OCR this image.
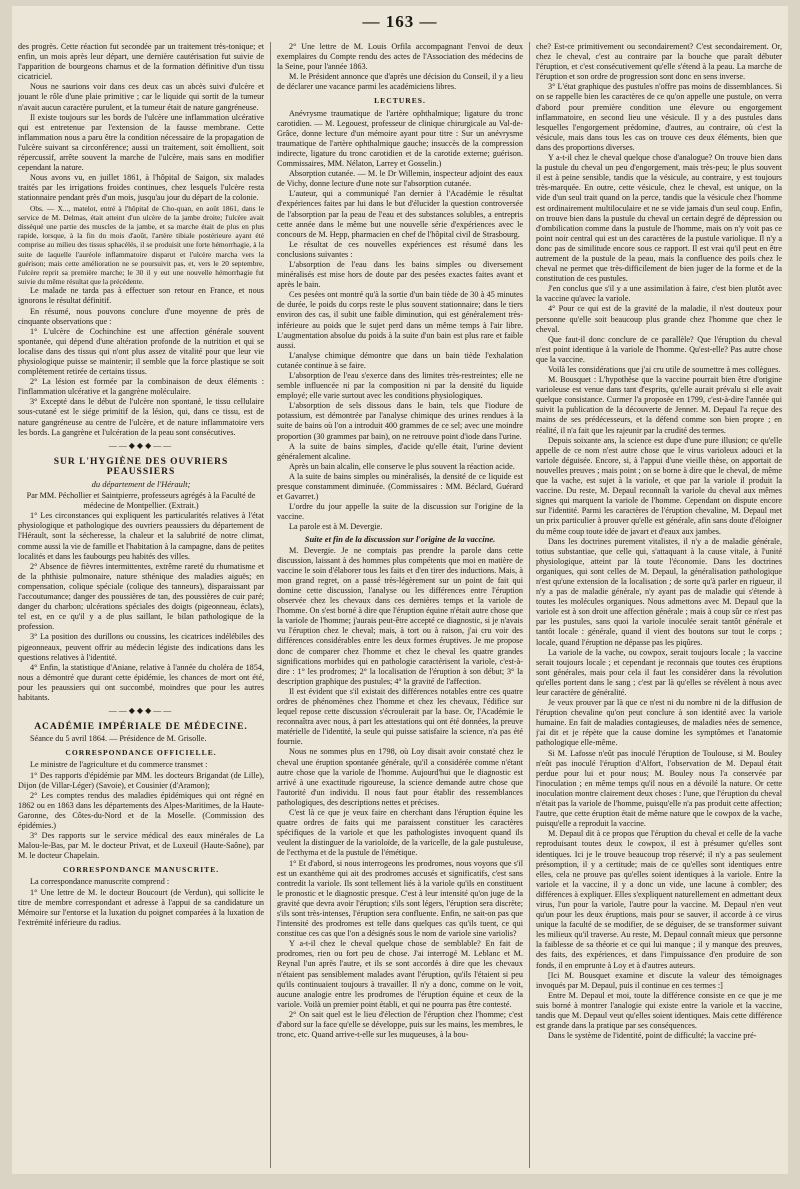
— 163 —

des progrès. Cette réaction fut secondée par un traitement très-tonique; et enfin, un mois après leur départ, une dernière cautérisation fut suivie de l'apparition de bourgeons charnus et de la formation définitive d'un tissu cicatriciel.

Nous ne saurions voir dans ces deux cas un abcès suivi d'ulcère et jouant le rôle d'une plaie primitive ; car le liquide qui sortit de la tumeur n'avait aucun caractère purulent, et la tumeur était de nature gangréneuse.

Il existe toujours sur les bords de l'ulcère une inflammation ulcérative qui est entretenue par l'extension de la fausse membrane. Cette inflammation nous a paru être la condition nécessaire de la propagation de l'ulcère suivant sa circonférence; aussi un traitement, soit émollient, soit répercussif, arrête souvent la marche de l'ulcère, mais sans en modifier cependant la nature.

Nous avons vu, en juillet 1861, à l'hôpital de Saigon, six malades traités par les irrigations froides continues, chez lesquels l'ulcère resta stationnaire pendant près d'un mois, jusqu'au jour du départ de la colonie.

Obs. — X..., matelot, entré à l'hôpital de Cho-quan, en août 1861, dans le service de M. Delmas, était atteint d'un ulcère de la jambe droite; l'ulcère avait disséqué une partie des muscles de la jambe, et sa marche était de plus en plus rapide, lorsque, à la fin du mois d'août, l'artère tibiale postérieure ayant été comprise au milieu des tissus sphacélés, il se produisit une forte hémorrhagie, à la suite de laquelle l'auréole inflammatoire disparut et l'ulcère marcha vers la guérison; mais cette amélioration ne se poursuivit pas, et, vers le 20 septembre, l'ulcère reprit sa première marche; le 30 il y eut une nouvelle hémorrhagie fut suivie du même résultat que la précédente.

Le malade ne tarda pas à effectuer son retour en France, et nous ignorons le résultat définitif.

En résumé, nous pouvons conclure d'une moyenne de près de cinquante observations que :

1° L'ulcère de Cochinchine est une affection générale souvent spontanée, qui dépend d'une altération profonde de la nutrition et qui se localise dans des tissus qui n'ont plus assez de vitalité pour que leur vie physiologique puisse se maintenir; il semble que la force plastique se soit complétement retirée de certains tissus.

2° La lésion est formée par la combinaison de deux éléments : l'inflammation ulcérative et la gangrène moléculaire.

3° Excepté dans le début de l'ulcère non spontané, le tissu cellulaire sous-cutané est le siége primitif de la lésion, qui, dans ce tissu, est de nature gangréneuse au centre de l'ulcère, et de nature inflammatoire vers les bords. La gangrène et l'ulcération de la peau sont consécutives.

——◆◆◆——
SUR L'HYGIÈNE DES OUVRIERS PEAUSSIERS
du département de l'Hérault;

Par MM. Péchollier et Saintpierre, professeurs agrégés à la Faculté de médecine de Montpellier. (Extrait.)

1° Les circonstances qui expliquent les particularités relatives à l'état physiologique et pathologique des ouvriers peaussiers du département de l'Hérault, sont la sécheresse, la chaleur et la salubrité de notre climat, comme aussi la vie de famille et l'habitation à la campagne, dans de petites localités et dans les faubourgs peu habités des villes.

2° Absence de fièvres intermittentes, extrême rareté du rhumatisme et de la phthisie pulmonaire, nature sthénique des maladies aiguës; en compensation, colique spéciale (colique des tanneurs), disparaissant par l'accoutumance; danger des poussières de tan, des poussières de cuir paré; danger du charbon; ulcérations spéciales des doigts (pigeonneau, éclats), tel est, en ce qu'il y a de plus saillant, le bilan pathologique de la profession.

3° La position des durillons ou coussins, les cicatrices indélébiles des pigeonneaux, peuvent offrir au médecin légiste des indications dans les questions relatives à l'identité.

4° Enfin, la statistique d'Aniane, relative à l'année du choléra de 1854, nous a démontré que durant cette épidémie, les chances de mort ont été, pour les peaussiers qui ont succombé, moindres que pour les autres habitants.

——◆◆◆——
ACADÉMIE IMPÉRIALE DE MÉDECINE.

Séance du 5 avril 1864. — Présidence de M. Grisolle.

CORRESPONDANCE OFFICIELLE.

Le ministre de l'agriculture et du commerce transmet :

1° Des rapports d'épidémie par MM. les docteurs Brigandat (de Lille), Dijon (de Villar-Léger) (Savoie), et Cousinier (d'Aramon);

2° Les comptes rendus des maladies épidémiques qui ont régné en 1862 ou en 1863 dans les départements des Alpes-Maritimes, de la Haute-Garonne, des Côtes-du-Nord et de la Moselle. (Commission des épidémies.)

3° Des rapports sur le service médical des eaux minérales de La Malou-le-Bas, par M. le docteur Privat, et de Luxeuil (Haute-Saône), par M. le docteur Chapelain.

CORRESPONDANCE MANUSCRITE.

La correspondance manuscrite comprend :

1° Une lettre de M. le docteur Boucourt (de Verdun), qui sollicite le titre de membre correspondant et adresse à l'appui de sa candidature un Mémoire sur l'entorse et la luxation du poignet comparées à la luxation de l'extrémité inférieure du radius.

2° Une lettre de M. Louis Orfila accompagnant l'envoi de deux exemplaires du Compte rendu des actes de l'Association des médecins de la Seine, pour l'année 1863.

M. le Président annonce que d'après une décision du Conseil, il y a lieu de déclarer une vacance parmi les académiciens libres.

LECTURES.

Anévrysme traumatique de l'artère ophthalmique; ligature du tronc carotidien. — M. Legouest, professeur de clinique chirurgicale au Val-de-Grâce, donne lecture d'un mémoire ayant pour titre : Sur un anévrysme traumatique de l'artère ophthalmique gauche; insuccès de la compression indirecte, ligature du tronc carotidien et de la carotide externe; guérison. Commissaires, MM. Nélaton, Larrey et Gosselin.)

Absorption cutanée. — M. le Dr Willemin, inspecteur adjoint des eaux de Vichy, donne lecture d'une note sur l'absorption cutanée.

L'auteur, qui a communiqué l'an dernier à l'Académie le résultat d'expériences faites par lui dans le but d'élucider la question controversée de l'absorption par la peau de l'eau et des substances solubles, a entrepris cette année dans le même but une nouvelle série d'expériences avec le concours de M. Hepp, pharmacien en chef de l'hôpital civil de Strasbourg.

Le résultat de ces nouvelles expériences est résumé dans les conclusions suivantes :

L'absorption de l'eau dans les bains simples ou diversement minéralisés est mise hors de doute par des pesées exactes faites avant et après le bain.

Ces pesées ont montré qu'à la sortie d'un bain tiède de 30 à 45 minutes de durée, le poids du corps reste le plus souvent stationnaire; dans le tiers environ des cas, il subit une faible diminution, qui est généralement très-inférieure au poids que le sujet perd dans un même temps à l'air libre. L'augmentation absolue du poids à la suite d'un bain est plus rare et faible aussi.

L'analyse chimique démontre que dans un bain tiède l'exhalation cutanée continue à se faire.

L'absorption de l'eau s'exerce dans des limites très-restreintes; elle ne semble influencée ni par la composition ni par la densité du liquide employé; elle varie surtout avec les conditions physiologiques.

L'absorption de sels dissous dans le bain, tels que l'iodure de potassium, est démontrée par l'analyse chimique des urines rendues à la suite de bains où l'on a introduit 400 grammes de ce sel; avec une moindre proportion (30 grammes par bain), on ne retrouve point d'iode dans l'urine.

A la suite de bains simples, d'acide qu'elle était, l'urine devient généralement alcaline.

Après un bain alcalin, elle conserve le plus souvent la réaction acide.

A la suite de bains simples ou minéralisés, la densité de ce liquide est presque constamment diminuée. (Commissaires : MM. Béclard, Guérard et Gavarret.)

L'ordre du jour appelle la suite de la discussion sur l'origine de la vaccine.

La parole est à M. Devergie.

Suite et fin de la discussion sur l'origine de la vaccine.

M. Devergie. Je ne comptais pas prendre la parole dans cette discussion, laissant à des hommes plus compétents que moi en matière de vaccine le soin d'élaborer tous les faits et d'en tirer des inductions. Mais, à mon grand regret, on a passé très-légèrement sur un point de fait qui domine cette discussion, l'analyse ou les différences entre l'éruption observée chez les chevaux dans ces dernières temps et la variole de l'homme. On s'est borné à dire que l'éruption équine n'était autre chose que la variole de l'homme; j'aurais peut-être accepté ce diagnostic, si je n'avais vu l'éruption chez le cheval; mais, à tort ou à raison, j'ai cru voir des différences considérables entre les deux formes éruptives. Je me propose donc de comparer chez l'homme et chez le cheval les quatre grandes significations morbides qui en pathologie caractérisent la variole, c'est-à-dire : 1° les prodromes; 2° la localisation de l'éruption à son début; 3° la description graphique des pustules; 4° la gravité de l'affection.

Il est évident que s'il existait des différences notables entre ces quatre ordres de phénomènes chez l'homme et chez les chevaux, l'édifice sur lequel repose cette discussion s'écroulerait par la base. Or, l'Académie le reconnaîtra avec nous, à part les attestations qui ont été données, la preuve matérielle de l'identité, la seule qui puisse satisfaire la science, n'a pas été fournie.

Nous ne sommes plus en 1798, où Loy disait avoir constaté chez le cheval une éruption spontanée générale, qu'il a considérée comme n'étant autre chose que la variole de l'homme. Aujourd'hui que le diagnostic est arrivé à une exactitude rigoureuse, la science demande autre chose que l'autorité d'un individu. Il nous faut pour établir des ressemblances pathologiques, des descriptions nettes et précises.

C'est là ce que je veux faire en cherchant dans l'éruption équine les quatre ordres de faits qui me paraissent constituer les caractères spécifiques de la variole et que les pathologistes invoquent quand ils veulent la distinguer de la varioloïde, de la varicelle, de la gale pustuleuse, de l'ecthyma et de la pustule de l'émétique.

1° Et d'abord, si nous interrogeons les prodromes, nous voyons que s'il est un exanthème qui ait des prodromes accusés et significatifs, c'est sans contredit la variole. Ils sont tellement liés à la variole qu'ils en constituent le pronostic et le diagnostic presque. C'est à leur intensité qu'on juge de la gravité que devra avoir l'éruption; s'ils sont légers, l'éruption sera discrète; s'ils sont très-intenses, l'éruption sera confluente. Enfin, ne sait-on pas que l'intensité des prodromes est telle dans quelques cas qu'ils tuent, ce qui constitue ces cas que l'on a désignés sous le nom de variole sine variolis?

Y a-t-il chez le cheval quelque chose de semblable? En fait de prodromes, rien ou fort peu de chose. J'ai interrogé M. Leblanc et M. Reynal l'un après l'autre, et ils se sont accordés à dire que les chevaux n'étaient pas sensiblement malades avant l'éruption, qu'ils l'étaient si peu qu'ils continuaient toujours à travailler. Il n'y a donc, comme on le voit, aucune analogie entre les prodromes de l'éruption équine et ceux de la variole. Voilà un premier point établi, et qui ne pourra pas être contesté.

2° On sait quel est le lieu d'élection de l'éruption chez l'homme; c'est d'abord sur la face qu'elle se développe, puis sur les mains, les membres, le tronc, etc. Quand arrive-t-elle sur les muqueuses, à la bou-

che? Est-ce primitivement ou secondairement? C'est secondairement. Or, chez le cheval, c'est au contraire par la bouche que paraît débuter l'éruption, et c'est consécutivement qu'elle s'étend à la peau. La marche de l'éruption et son ordre de progression sont donc en sens inverse.

3° L'état graphique des pustules n'offre pas moins de dissemblances. Si on se rappelle bien les caractères de ce qu'on appelle une pustule, on verra d'abord pour première condition une élevure ou engorgement inflammatoire, en second lieu une vésicule. Il y a des pustules dans lesquelles l'engorgement prédomine, d'autres, au contraire, où c'est la vésicule, mais dans tous les cas on trouve ces deux éléments, bien que dans des proportions diverses.

Y a-t-il chez le cheval quelque chose d'analogue? On trouve bien dans la pustule du cheval un peu d'engorgement, mais très-peu; le plus souvent il est à peine sensible, tandis que la vésicule, au contraire, y est toujours très-marquée. En outre, cette vésicule, chez le cheval, est unique, on la vide d'un seul trait quand on la perce, tandis que la vésicule chez l'homme est ordinairement multiloculaire et ne se vide jamais d'un seul coup. Enfin, on trouve bien dans la pustule du cheval un certain degré de dépression ou d'ombilication comme dans la pustule de l'homme, mais on n'y voit pas ce point noir central qui est un des caractères de la pustule variolique. Il n'y a donc pas de similitude encore sous ce rapport. Il est vrai qu'il peut en être autrement de la pustule de la peau, mais la confluence des poils chez le cheval ne permet que très-difficilement de bien juger de la forme et de la constitution de ces pustules.

J'en conclus que s'il y a une assimilation à faire, c'est bien plutôt avec la vaccine qu'avec la variole.

4° Pour ce qui est de la gravité de la maladie, il n'est douteux pour personne qu'elle soit beaucoup plus grande chez l'homme que chez le cheval.

Que faut-il donc conclure de ce parallèle? Que l'éruption du cheval n'est point identique à la variole de l'homme. Qu'est-elle? Pas autre chose que la vaccine.

Voilà les considérations que j'ai cru utile de soumettre à mes collègues.

M. Bousquet : L'hypothèse que la vaccine pourrait bien être d'origine varioleuse est venue dans tant d'esprits, qu'elle aurait prévalu si elle avait quelque consistance. Curmer l'a proposée en 1799, c'est-à-dire l'année qui suivit la publication de la découverte de Jenner. M. Depaul l'a reçue des mains de ses prédécesseurs, et la défend comme son bien propre ; en réalité, il n'a fait que les rajeunir par la crudité des termes.

Depuis soixante ans, la science est dupe d'une pure illusion; ce qu'elle appelle de ce nom n'est autre chose que le virus varioleux adouci et la variole déguisée. Encore, si, à l'appui d'une vieille thèse, on apportait de nouvelles preuves ; mais point ; on se borne à dire que le cheval, de même que la vache, est sujet à la variole, et que par la variole il produit la vaccine. Du reste, M. Depaul reconnaît la variole du cheval aux mêmes signes qui marquent la variole de l'homme. Cependant on dispute encore sur l'identité. Parmi les caractères de l'éruption chevaline, M. Depaul met un prix particulier à prouver qu'elle est générale, afin sans doute d'éloigner du même coup toute idée de javart et d'eaux aux jambes.

Dans les doctrines purement vitalistes, il n'y a de maladie générale, totius substantiae, que celle qui, s'attaquant à la cause vitale, à l'unité physiologique, atteint par là toute l'économie. Dans les doctrines organiques, qui sont celles de M. Depaul, la généralisation pathologique n'est qu'une extension de la localisation ; de sorte qu'à parler en rigueur, il n'y a pas de maladie générale, n'y ayant pas de maladie qui s'étende à toutes les molécules organiques. Nous admettons avec M. Depaul que la variole est à son droit une affection générale ; mais à coup sûr ce n'est pas par les pustules, sans quoi la variole inoculée serait tantôt générale et tantôt locale : générale, quand il vient des boutons sur tout le corps ; locale, quand l'éruption ne dépasse pas les piqûres.

La variole de la vache, ou cowpox, serait toujours locale ; la vaccine serait toujours locale ; et cependant je reconnais que toutes ces éruptions sont générales, mais pour cela il faut les considérer dans la révolution qu'elles portent dans le sang ; c'est par là qu'elles se révèlent à nous avec leur caractère de généralité.

Je veux prouver par là que ce n'est ni du nombre ni de la diffusion de l'éruption chevaline qu'on peut conclure à son identité avec la variole humaine. En fait de maladies contagieuses, de maladies nées de semence, j'ai dit et je répète que la cause domine les symptômes et l'anatomie pathologique elle-même.

Si M. Lafosse n'eût pas inoculé l'éruption de Toulouse, si M. Bouley n'eût pas inoculé l'éruption d'Alfort, l'observation de M. Depaul était perdue pour lui et pour nous; M. Bouley nous l'a conservée par l'inoculation ; en même temps qu'il nous en a dévoilé la nature. Or cette inoculation montre clairement deux choses : l'une, que l'éruption du cheval n'était pas la variole de l'homme, puisqu'elle n'a pas produit cette affection; l'autre, que cette éruption était de même nature que le cowpox de la vache, puisqu'elle a reproduit la vaccine.

M. Depaul dit à ce propos que l'éruption du cheval et celle de la vache reproduisant toutes deux le cowpox, il est à présumer qu'elles sont identiques. Ici je le trouve beaucoup trop réservé; il n'y a pas seulement présomption, il y a certitude; mais de ce qu'elles sont identiques entre elles, cela ne prouve pas qu'elles soient identiques à la variole. Entre la variole et la vaccine, il y a donc un vide, une lacune à combler; des différences à expliquer. Elles s'expliquent naturellement en admettant deux virus, l'un pour la variole, l'autre pour la vaccine. M. Depaul n'en veut qu'un pour les deux éruptions, mais pour se sauver, il accorde à ce virus unique la faculté de se modifier, de se déguiser, de se transformer suivant les milieux qu'il traverse. Au reste, M. Depaul connaît mieux que personne la faiblesse de sa théorie et ce qui lui manque ; il y manque des preuves, des faits, des expériences, et dans l'impuissance d'en produire de son fonds, il en emprunte à Loy et à d'autres auteurs.

[Ici M. Bousquet examine et discute la valeur des témoignages invoqués par M. Depaul, puis il continue en ces termes :]

Entre M. Depaul et moi, toute la différence consiste en ce que je me suis borné à montrer l'analogie qui existe entre la variole et la vaccine, tandis que M. Depaul veut qu'elles soient identiques. Mais cette différence est grande dans la pratique par ses conséquences.

Dans le système de l'identité, point de difficulté; la vaccine pré-
